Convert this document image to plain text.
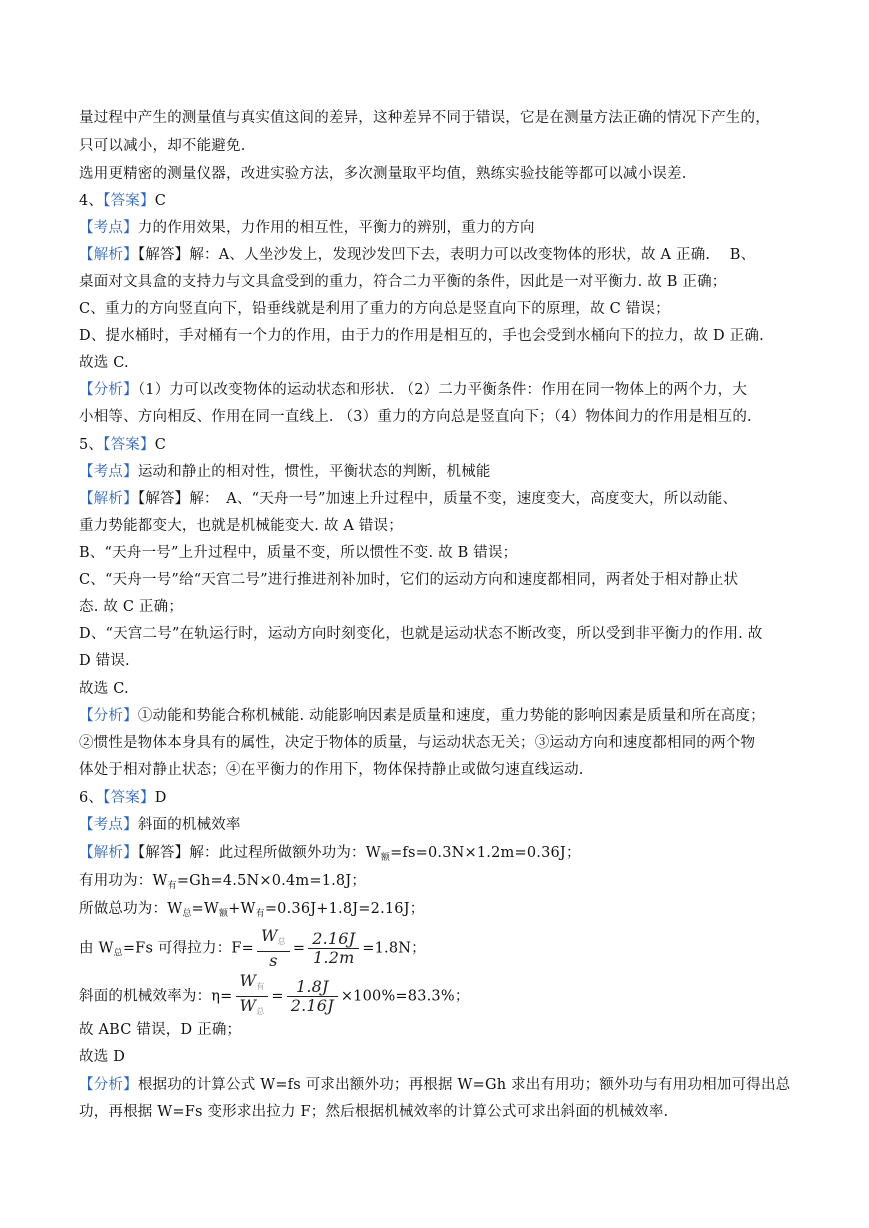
量过程中产生的测量值与真实值这间的差异，这种差异不同于错误，它是在测量方法正确的情况下产生的，
只可以减小，却不能避免.
选用更精密的测量仪器，改进实验方法，多次测量取平均值，熟练实验技能等都可以减小误差.
4、【答案】C
【考点】力的作用效果，力作用的相互性，平衡力的辨别，重力的方向
【解析】【解答】解：A、人坐沙发上，发现沙发凹下去，表明力可以改变物体的形状，故 A 正确.　 B、
桌面对文具盒的支持力与文具盒受到的重力，符合二力平衡的条件，因此是一对平衡力. 故 B 正确；
C、重力的方向竖直向下，铅垂线就是利用了重力的方向总是竖直向下的原理，故 C 错误；
D、提水桶时，手对桶有一个力的作用，由于力的作用是相互的，手也会受到水桶向下的拉力，故 D 正确.
故选 C.
【分析】（1）力可以改变物体的运动状态和形状. （2）二力平衡条件：作用在同一物体上的两个力，大
小相等、方向相反、作用在同一直线上. （3）重力的方向总是竖直向下；（4）物体间力的作用是相互的.
5、【答案】C
【考点】运动和静止的相对性，惯性，平衡状态的判断，机械能
【解析】【解答】解：　A、“天舟一号”加速上升过程中，质量不变，速度变大，高度变大，所以动能、
重力势能都变大，也就是机械能变大. 故 A 错误；
B、“天舟一号”上升过程中，质量不变，所以惯性不变. 故 B 错误；
C、“天舟一号”给“天宫二号”进行推进剂补加时，它们的运动方向和速度都相同，两者处于相对静止状
态. 故 C 正确；
D、“天宫二号”在轨运行时，运动方向时刻变化，也就是运动状态不断改变，所以受到非平衡力的作用. 故
D 错误.
故选 C.
【分析】①动能和势能合称机械能. 动能影响因素是质量和速度，重力势能的影响因素是质量和所在高度；
②惯性是物体本身具有的属性，决定于物体的质量，与运动状态无关；③运动方向和速度都相同的两个物
体处于相对静止状态；④在平衡力的作用下，物体保持静止或做匀速直线运动.
6、【答案】D
【考点】斜面的机械效率
【解析】【解答】解：此过程所做额外功为：$W_额=fs=0.3N\times 1.2m=0.36J$；
有用功为：$W_有=Gh=4.5N\times 0.4m=1.8J$；
所做总功为：$W_总=W_额+W_有=0.36J+1.8J=2.16J$；
由 $W_总=Fs$ 可得拉力：$F= \frac{\text{W总}}{s} = \frac{2.16J}{1.2m} =1.8N$；
斜面的机械效率为：$\eta= \frac{\text{W有}}{\text{W总}} = \frac{1.8J}{2.16J} \times 100\%=83.3\%$；
故 ABC 错误，D 正确；
故选 D
【分析】根据功的计算公式 W=fs 可求出额外功；再根据 W=Gh 求出有用功；额外功与有用功相加可得出总
功，再根据 W=Fs 变形求出拉力 F；然后根据机械效率的计算公式可求出斜面的机械效率.
